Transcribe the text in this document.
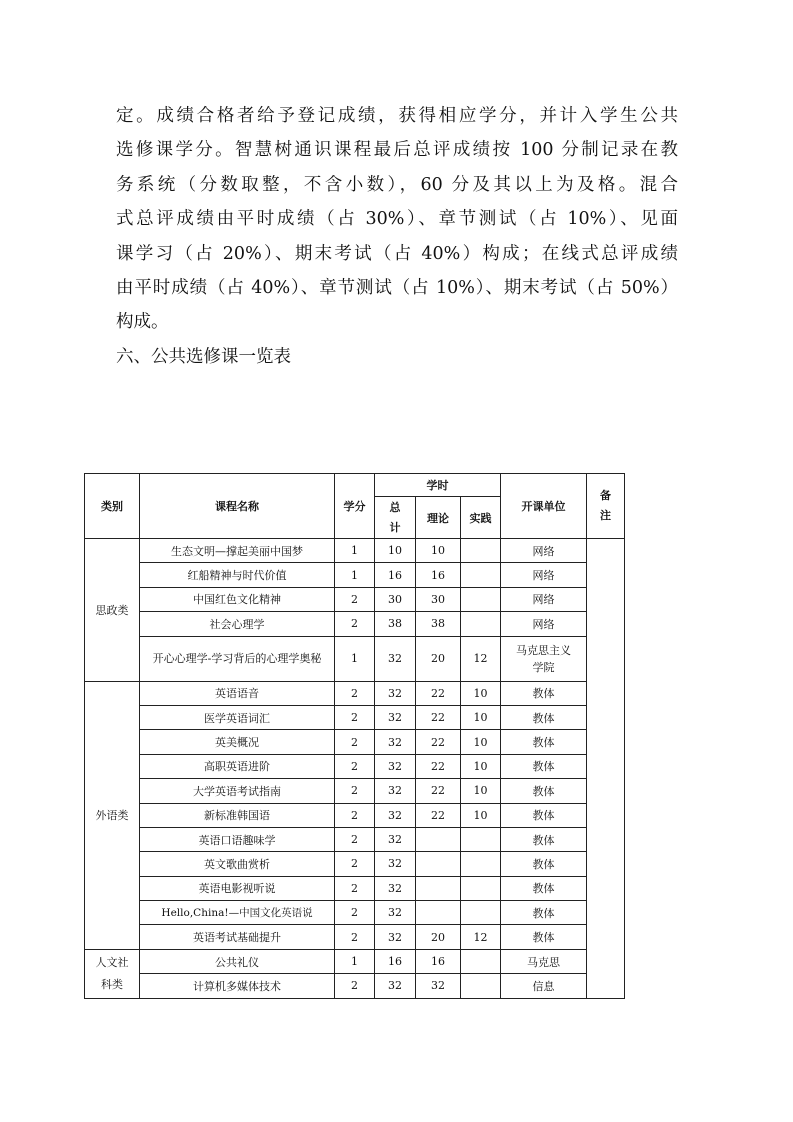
定。成绩合格者给予登记成绩，获得相应学分，并计入学生公共
选修课学分。智慧树通识课程最后总评成绩按 100 分制记录在教
务系统（分数取整，不含小数），60 分及其以上为及格。混合
式总评成绩由平时成绩（占 30%）、章节测试（占 10%）、见面
课学习（占 20%）、期末考试（占 40%）构成；在线式总评成绩
由平时成绩（占 40%）、章节测试（占 10%）、期末考试（占 50%）
构成。
六、公共选修课一览表
类别	课程名称	学分	学时			开课单位	备注
			总计	理论	实践		
思政类	生态文明—撑起美丽中国梦	1	10	10		网络	
	红船精神与时代价值	1	16	16		网络	
	中国红色文化精神	2	30	30		网络	
	社会心理学	2	38	38		网络	
	开心心理学-学习背后的心理学奥秘	1	32	20	12	马克思主义学院	
外语类	英语语音	2	32	22	10	教体	
	医学英语词汇	2	32	22	10	教体	
	英美概况	2	32	22	10	教体	
	高职英语进阶	2	32	22	10	教体	
	大学英语考试指南	2	32	22	10	教体	
	新标准韩国语	2	32	22	10	教体	
	英语口语趣味学	2	32			教体	
	英文歌曲赏析	2	32			教体	
	英语电影视听说	2	32			教体	
	Hello,China!—中国文化英语说	2	32			教体	
	英语考试基础提升	2	32	20	12	教体	
人文社科类	公共礼仪	1	16	16		马克思	
	计算机多媒体技术	2	32	32		信息	
